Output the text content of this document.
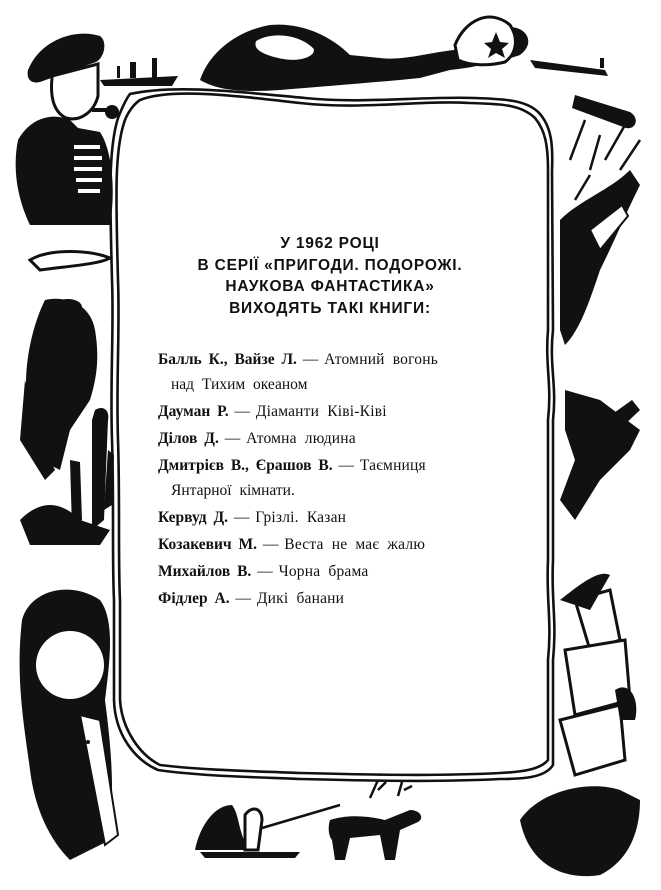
У 1962 РОЦІ
В СЕРІЇ «ПРИГОДИ. ПОДОРОЖІ.
НАУКОВА ФАНТАСТИКА»
ВИХОДЯТЬ ТАКІ КНИГИ:
Балль К., Вайзе Л. — Атомний вогонь
над Тихим океаном
Дауман Р. — Діаманти Ківі-Ківі
Ділов Д. — Атомна людина
Дмитрієв В., Єрашов В. — Таємниця
Янтарної кімнати.
Кервуд Д. — Грізлі. Казан
Козакевич М. — Веста не має жалю
Михайлов В. — Чорна брама
Фідлер А. — Дикі банани
